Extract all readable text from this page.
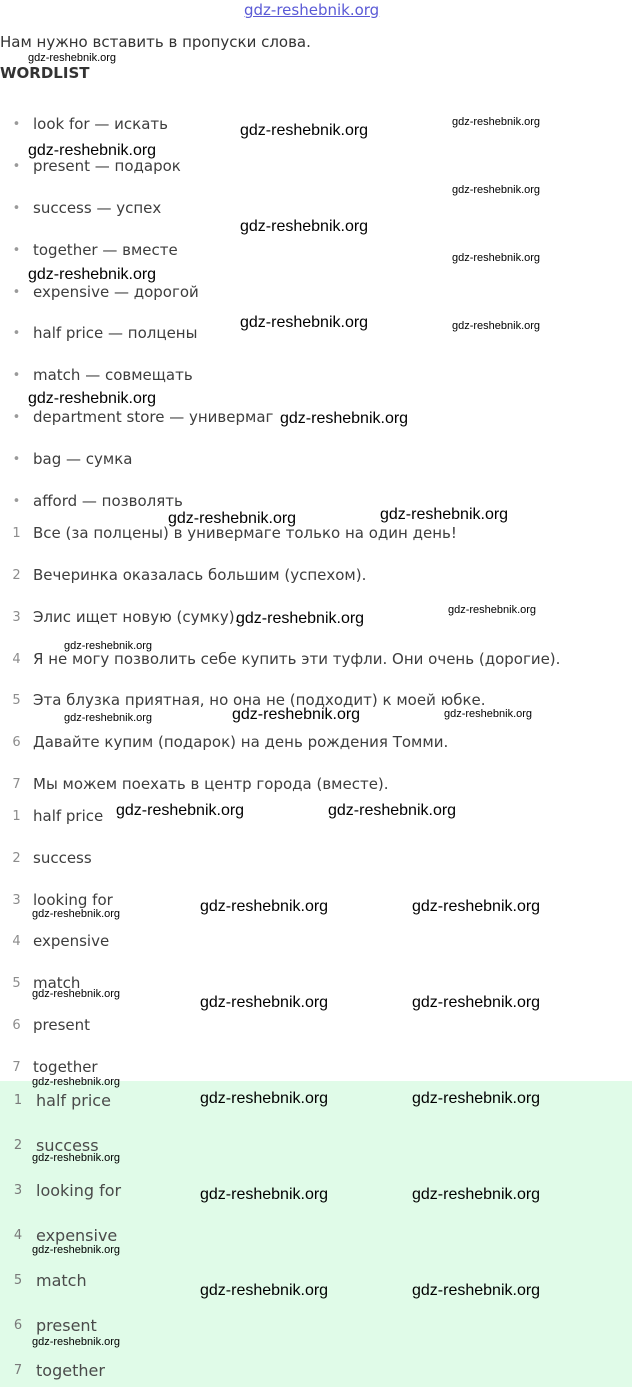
gdz-reshebnik.org
Нам нужно вставить в пропуски слова.
WORDLIST
• look for — искать
• present — подарок
• success — успех
• together — вместе
• expensive — дорогой
• half price — полцены
• match — совмещать
• department store — универмаг
• bag — сумка
• afford — позволять
1 Все (за полцены) в универмаге только на один день!
2 Вечеринка оказалась большим (успехом).
3 Элис ищет новую (сумку).
4 Я не могу позволить себе купить эти туфли. Они очень (дорогие).
5 Эта блузка приятная, но она не (подходит) к моей юбке.
6 Давайте купим (подарок) на день рождения Томми.
7 Мы можем поехать в центр города (вместе).
1 half price
2 success
3 looking for
4 expensive
5 match
6 present
7 together
1 half price
2 success
3 looking for
4 expensive
5 match
6 present
7 together
gdz-reshebnik.org
gdz-reshebnik.org	gdz-reshebnik.org
gdz-reshebnik.org
gdz-reshebnik.org
gdz-reshebnik.org
gdz-reshebnik.org
gdz-reshebnik.org
gdz-reshebnik.org	gdz-reshebnik.org
gdz-reshebnik.org
gdz-reshebnik.org
gdz-reshebnik.org	gdz-reshebnik.org
gdz-reshebnik.org	gdz-reshebnik.org
gdz-reshebnik.org
gdz-reshebnik.org	gdz-reshebnik.org	gdz-reshebnik.org
gdz-reshebnik.org	gdz-reshebnik.org
gdz-reshebnik.org	gdz-reshebnik.org
gdz-reshebnik.org
gdz-reshebnik.org	gdz-reshebnik.org	gdz-reshebnik.org
gdz-reshebnik.org
gdz-reshebnik.org	gdz-reshebnik.org
gdz-reshebnik.org
gdz-reshebnik.org	gdz-reshebnik.org
gdz-reshebnik.org
gdz-reshebnik.org	gdz-reshebnik.org
gdz-reshebnik.org
